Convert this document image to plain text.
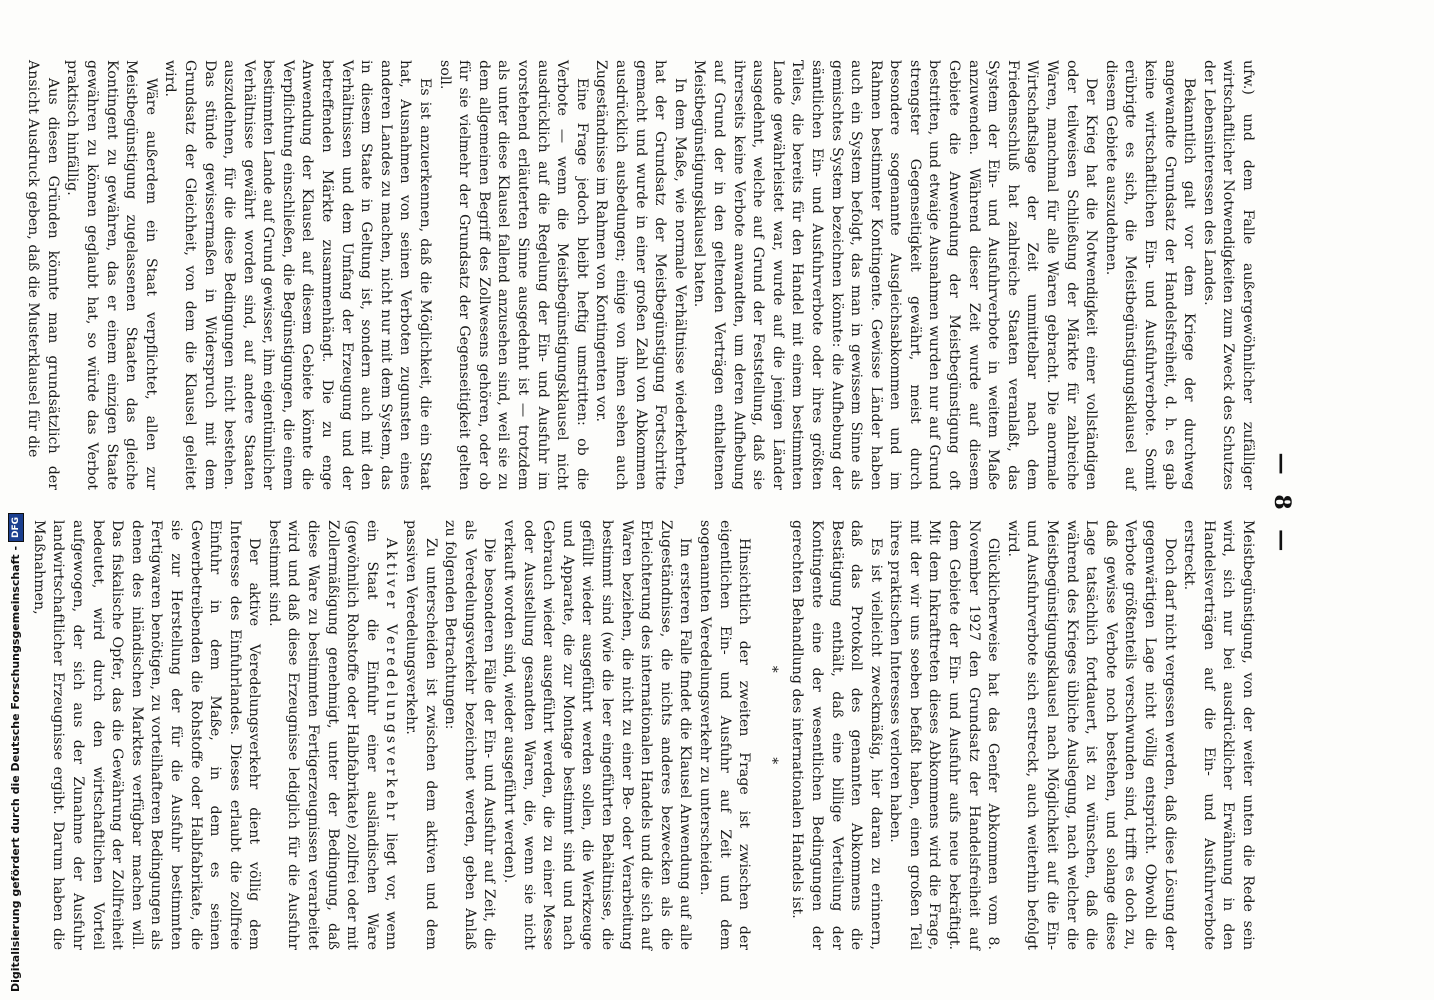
Digitalisierung gefördert durch die Deutsche Forschungsgemeinschaft -
DFG	— 8 —

ufw.) und dem Falle außergewöhnlicher zufälliger wirtschaftlicher Notwendigkeiten zum Zweck des Schutzes der Lebensinteressen des Landes.

Bekanntlich galt vor dem Kriege der durchweg angewandte Grundsatz der Handelsfreiheit, d. h. es gab keine wirtschaftlichen Ein- und Ausfuhrverbote. Somit erübrigte es sich, die Meistbegünstigungsklausel auf diesem Gebiete auszudehnen.

Der Krieg hat die Notwendigkeit einer vollständigen oder teilweisen Schließung der Märkte für zahlreiche Waren, manchmal für alle Waren gebracht. Die anormale Wirtschaftslage der Zeit unmittelbar nach dem Friedensschluß hat zahlreiche Staaten veranlaßt, das System der Ein- und Ausfuhrverbote in weitem Maße anzuwenden. Während dieser Zeit wurde auf diesem Gebiete die Anwendung der Meistbegünstigung oft bestritten, und etwaige Ausnahmen wurden nur auf Grund strengster Gegenseitigkeit gewährt, meist durch besondere sogenannte Ausgleichsabkommen und im Rahmen bestimmter Kontingente. Gewisse Länder haben auch ein System befolgt, das man in gewissem Sinne als gemischtes System bezeichnen könnte: die Aufhebung der sämtlichen Ein- und Ausfuhrverbote oder ihres größten Teiles, die bereits für den Handel mit einem bestimmten Lande gewährleistet war, wurde auf die jenigen Länder ausgedehnt, welche auf Grund der Feststellung, daß sie ihrerseits keine Verbote anwandten, um deren Aufhebung auf Grund der in den geltenden Verträgen enthaltenen Meistbegünstigungsklausel baten.

In dem Maße, wie normale Verhältnisse wiederkehrten, hat der Grundsatz der Meistbegünstigung Fortschritte gemacht und wurde in einer großen Zahl von Abkommen ausdrücklich ausbedungen; einige von ihnen sehen auch Zugeständnisse im Rahmen von Kontingenten vor.

Eine Frage jedoch bleibt heftig umstritten: ob die Verbote — wenn die Meistbegünstigungsklausel nicht ausdrücklich auf die Regelung der Ein- und Ausfuhr im vorstehend erläuterten Sinne ausgedehnt ist — trotzdem als unter diese Klausel fallend anzusehen sind, weil sie zu dem allgemeinen Begriff des Zollwesens gehören, oder ob für sie vielmehr der Grundsatz der Gegenseitigkeit gelten soll.

Es ist anzuerkennen, daß die Möglichkeit, die ein Staat hat, Ausnahmen von seinen Verboten zugunsten eines anderen Landes zu machen, nicht nur mit dem System, das in diesem Staate in Geltung ist, sondern auch mit den Verhältnissen und dem Umfang der Erzeugung und der betreffenden Märkte zusammenhängt. Die zu enge Anwendung der Klausel auf diesem Gebiete könnte die Verpflichtung einschließen, die Begünstigungen, die einem bestimmten Lande auf Grund gewisser, ihm eigentümlicher Verhältnisse gewährt worden sind, auf andere Staaten auszudehnen, für die diese Bedingungen nicht bestehen. Das stünde gewissermaßen in Widerspruch mit dem Grundsatz der Gleichheit, von dem die Klausel geleitet wird.

Wäre außerdem ein Staat verpflichtet, allen zur Meistbegünstigung zugelassenen Staaten das gleiche Kontingent zu gewähren, das er einem einzigen Staate gewähren zu können geglaubt hat, so würde das Verbot praktisch hinfällig.

Aus diesen Gründen könnte man grundsätzlich der Ansicht Ausdruck geben, daß die Musterklausel für die

Meistbegünstigung, von der weiter unten die Rede sein wird, sich nur bei ausdrücklicher Erwähnung in den Handelsverträgen auf die Ein- und Ausfuhrverbote erstreckt.

Doch darf nicht vergessen werden, daß diese Lösung der gegenwärtigen Lage nicht völlig entspricht. Obwohl die Verbote größtenteils verschwunden sind, trifft es doch zu, daß gewisse Verbote noch bestehen, und solange diese Lage tatsächlich fortdauert, ist zu wünschen, daß die während des Krieges übliche Auslegung, nach welcher die Meistbegünstigungsklausel nach Möglichkeit auf die Ein- und Ausfuhrverbote sich erstreckt, auch weiterhin befolgt wird.

Glücklicherweise hat das Genfer Abkommen vom 8. November 1927 den Grundsatz der Handelsfreiheit auf dem Gebiete der Ein- und Ausfuhr aufs neue bekräftigt. Mit dem Inkrafttreten dieses Abkommens wird die Frage, mit der wir uns soeben befaßt haben, einen großen Teil ihres praktischen Interesses verloren haben.

Es ist vielleicht zweckmäßig, hier daran zu erinnern, daß das Protokoll des genannten Abkommens die Bestätigung enthält, daß eine billige Verteilung der Kontingente eine der wesentlichen Bedingungen der gerechten Behandlung des internationalen Handels ist.

* *

Hinsichtlich der zweiten Frage ist zwischen der eigentlichen Ein- und Ausfuhr auf Zeit und dem sogenannten Veredelungsverkehr zu unterscheiden.

Im ersteren Falle findet die Klausel Anwendung auf alle Zugeständnisse, die nichts anderes bezwecken als die Erleichterung des internationalen Handels und die sich auf Waren beziehen, die nicht zu einer Be- oder Verarbeitung bestimmt sind (wie die leer eingeführten Behältnisse, die gefüllt wieder ausgeführt werden sollen, die Werkzeuge und Apparate, die zur Montage bestimmt sind und nach Gebrauch wieder ausgeführt werden, die zu einer Messe oder Ausstellung gesandten Waren, die, wenn sie nicht verkauft worden sind, wieder ausgeführt werden).

Die besonderen Fälle der Ein- und Ausfuhr auf Zeit, die als Veredelungsverkehr bezeichnet werden, geben Anlaß zu folgenden Betrachtungen:

Zu unterscheiden ist zwischen dem aktiven und dem passiven Veredelungsverkehr.

Aktiver Veredelungsverkehr liegt vor, wenn ein Staat die Einfuhr einer ausländischen Ware (gewöhnlich Rohstoffe oder Halbfabrikate) zollfrei oder mit Zollermäßigung genehmigt, unter der Bedingung, daß diese Ware zu bestimmten Fertigerzeugnissen verarbeitet wird und daß diese Erzeugnisse lediglich für die Ausfuhr bestimmt sind.

Der aktive Veredelungsverkehr dient völlig dem Interesse des Einfuhrlandes. Dieses erlaubt die zollfreie Einfuhr in dem Maße, in dem es seinen Gewerbetreibenden die Rohstoffe oder Halbfabrikate, die sie zur Herstellung der für die Ausfuhr bestimmten Fertigwaren benötigen, zu vorteilhafteren Bedingungen als denen des inländischen Marktes verfügbar machen will. Das fiskalische Opfer, das die Gewährung der Zollfreiheit bedeutet, wird durch den wirtschaftlichen Vorteil aufgewogen, der sich aus der Zunahme der Ausfuhr landwirtschaftlicher Erzeugnisse ergibt. Darum haben die Maßnahmen,
